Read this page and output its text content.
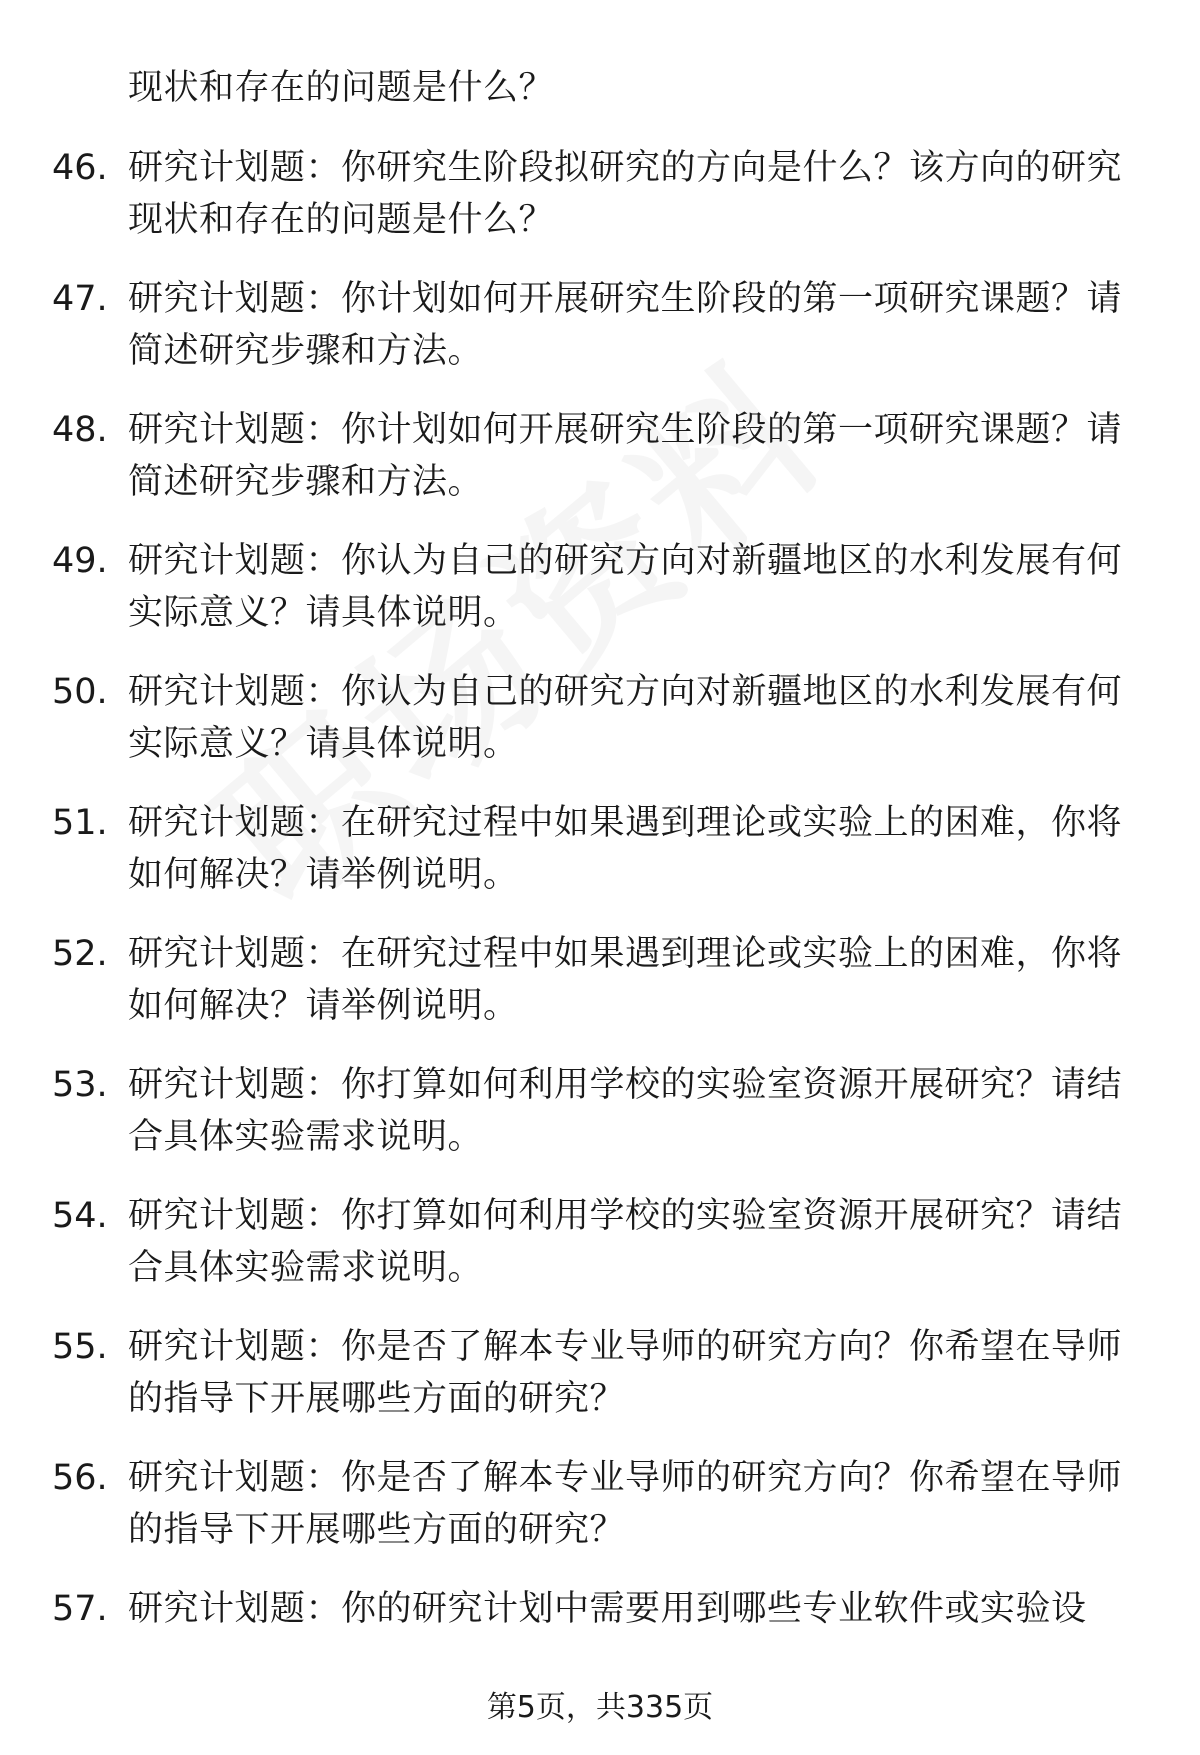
现状和存在的问题是什么？
46. 研究计划题：你研究生阶段拟研究的方向是什么？该方向的研究
现状和存在的问题是什么？
47. 研究计划题：你计划如何开展研究生阶段的第一项研究课题？请
简述研究步骤和方法。
48. 研究计划题：你计划如何开展研究生阶段的第一项研究课题？请
简述研究步骤和方法。
49. 研究计划题：你认为自己的研究方向对新疆地区的水利发展有何
实际意义？请具体说明。
50. 研究计划题：你认为自己的研究方向对新疆地区的水利发展有何
实际意义？请具体说明。
51. 研究计划题：在研究过程中如果遇到理论或实验上的困难，你将
如何解决？请举例说明。
52. 研究计划题：在研究过程中如果遇到理论或实验上的困难，你将
如何解决？请举例说明。
53. 研究计划题：你打算如何利用学校的实验室资源开展研究？请结
合具体实验需求说明。
54. 研究计划题：你打算如何利用学校的实验室资源开展研究？请结
合具体实验需求说明。
55. 研究计划题：你是否了解本专业导师的研究方向？你希望在导师
的指导下开展哪些方面的研究？
56. 研究计划题：你是否了解本专业导师的研究方向？你希望在导师
的指导下开展哪些方面的研究？
57. 研究计划题：你的研究计划中需要用到哪些专业软件或实验设
第5页，共335页
